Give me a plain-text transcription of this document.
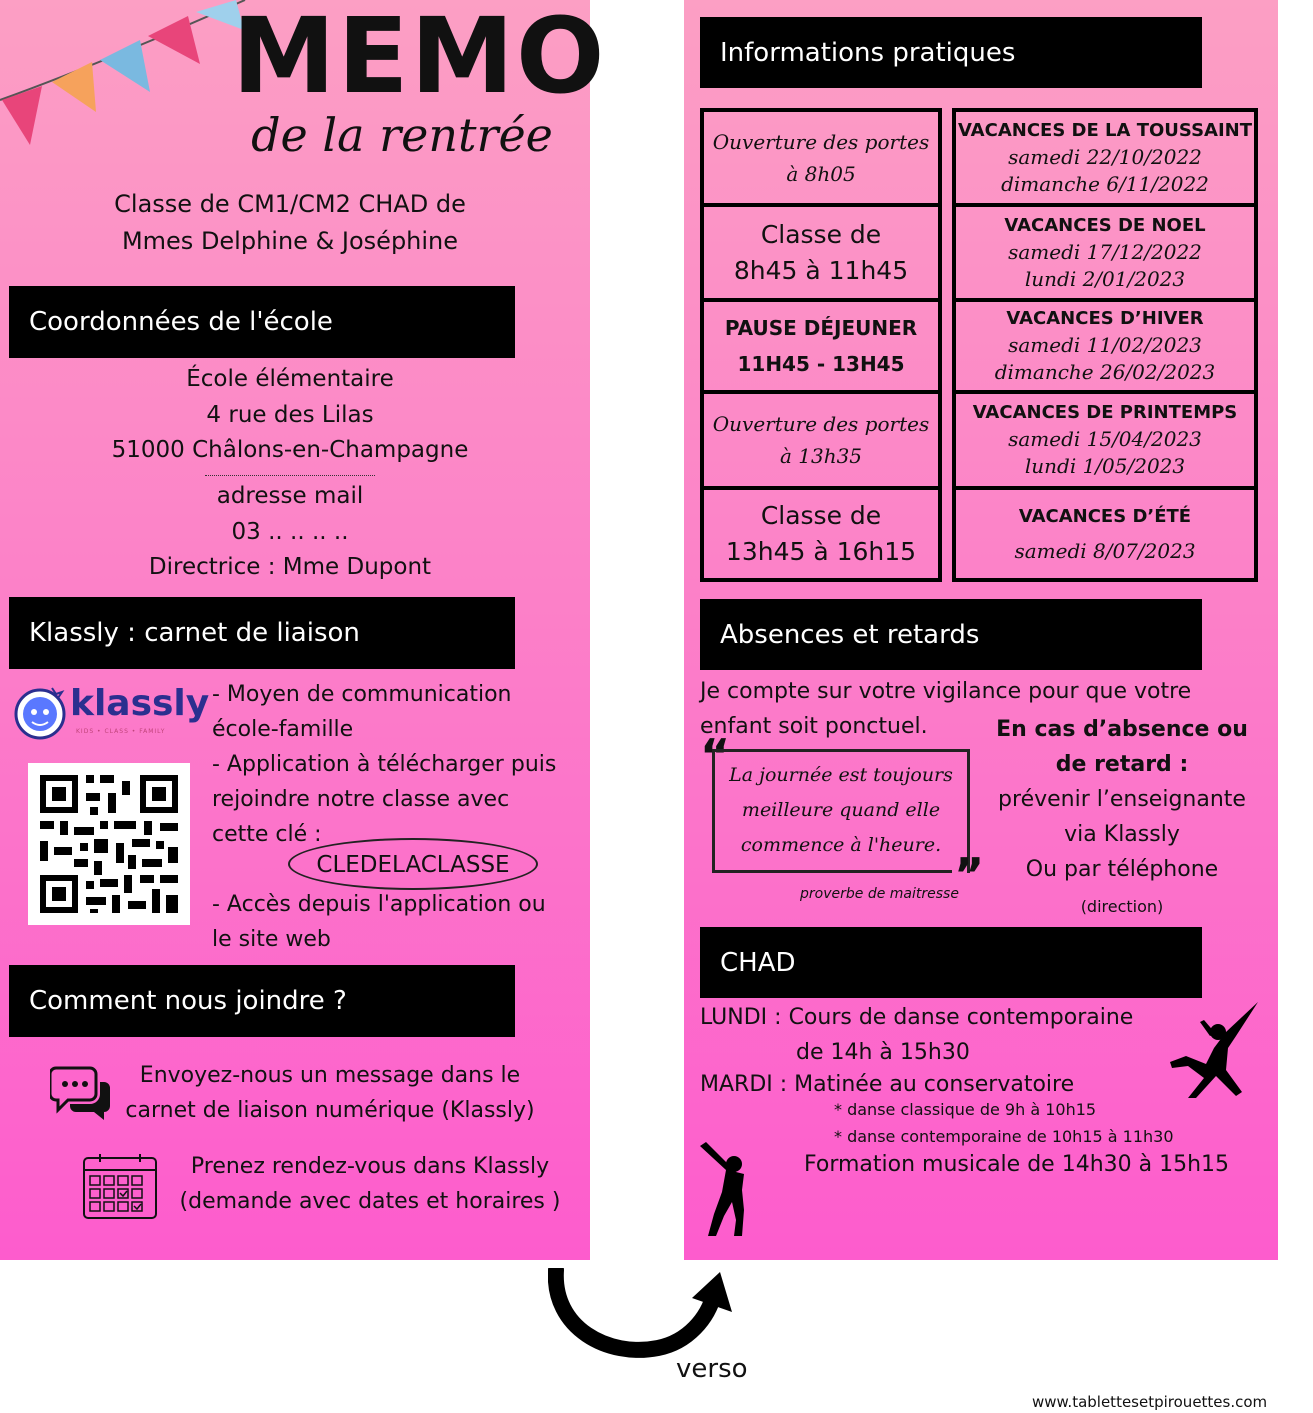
MEMO
de la rentrée
Classe de CM1/CM2 CHAD de
Mmes Delphine & Joséphine
Coordonnées de l'école
École élémentaire
4 rue des Lilas
51000 Châlons-en-Champagne
adresse mail
03 .. .. .. ..
Directrice : Mme Dupont
Klassly : carnet de liaison
klassly
KIDS • CLASS • FAMILY
- Moyen de communication
école-famille
- Application à télécharger puis
rejoindre notre classe avec
cette clé :
CLEDELACLASSE
- Accès depuis l'application ou
le site web
Comment nous joindre ?
Envoyez-nous un message dans le
carnet de liaison numérique (Klassly)
Prenez rendez-vous dans Klassly
(demande avec dates et horaires )
Informations pratiques
Ouverture des portes
à 8h05
Classe de
8h45 à 11h45
PAUSE DÉJEUNER
11H45 - 13H45
Ouverture des portes
à 13h35
Classe de
13h45 à 16h15
VACANCES DE LA TOUSSAINT
samedi 22/10/2022
dimanche 6/11/2022
VACANCES DE NOEL
samedi 17/12/2022
lundi 2/01/2023
VACANCES D’HIVER
samedi 11/02/2023
dimanche 26/02/2023
VACANCES DE PRINTEMPS
samedi 15/04/2023
lundi 1/05/2023
VACANCES D’ÉTÉ
samedi 8/07/2023
Absences et retards
Je compte sur votre vigilance pour que votre
enfant soit ponctuel.
“
La journée est toujours
meilleure quand elle
commence à l'heure.
”
proverbe de maitresse
En cas d’absence ou
de retard :
prévenir l’enseignante
via Klassly
Ou par téléphone
(direction)
CHAD
LUNDI : Cours de danse contemporaine
de 14h à 15h30
MARDI : Matinée au conservatoire
* danse classique de 9h à 10h15
* danse contemporaine de 10h15 à 11h30
Formation musicale de 14h30 à 15h15
verso
www.tablettesetpirouettes.com
